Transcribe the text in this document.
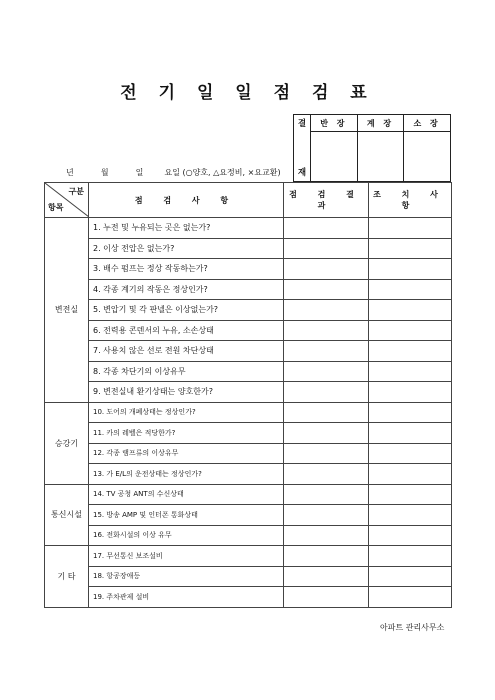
전 기 일 일 점 검 표
결	반 장	계 장	소 장
재			
년	월	일	요일 (○양호, △요정비, ×요교환)
구분
항목	점 검 사 항	점 검 결 과	조 치 사 항
변전실	1. 누전 및 누유되는 곳은 없는가?		
	2. 이상 전압은 없는가?		
	3. 배수 펌프는 정상 작동하는가?		
	4. 각종 계기의 작동은 정상인가?		
	5. 변압기 및 각 판넬은 이상없는가?		
	6. 전력용 콘덴서의 누유, 소손상태		
	7. 사용치 않은 선로 전원 차단상태		
	8. 각종 차단기의 이상유무		
	9. 변전실내 환기상태는 양호한가?		
승강기	10. 도어의 개폐상태는 정상인가?		
	11. 카의 레벨은 적당한가?		
	12. 각종 램프류의 이상유무		
	13. 가 E/L의 운전상태는 정상인가?		
통신시설	14. TV 공청 ANT의 수신상태		
	15. 방송 AMP 및 인터폰 통화상태		
	16. 전화시설의 이상 유무		
기 타	17. 무선통신 보조설비		
	18. 항공장애등		
	19. 주차관제 설비		
아파트 관리사무소
